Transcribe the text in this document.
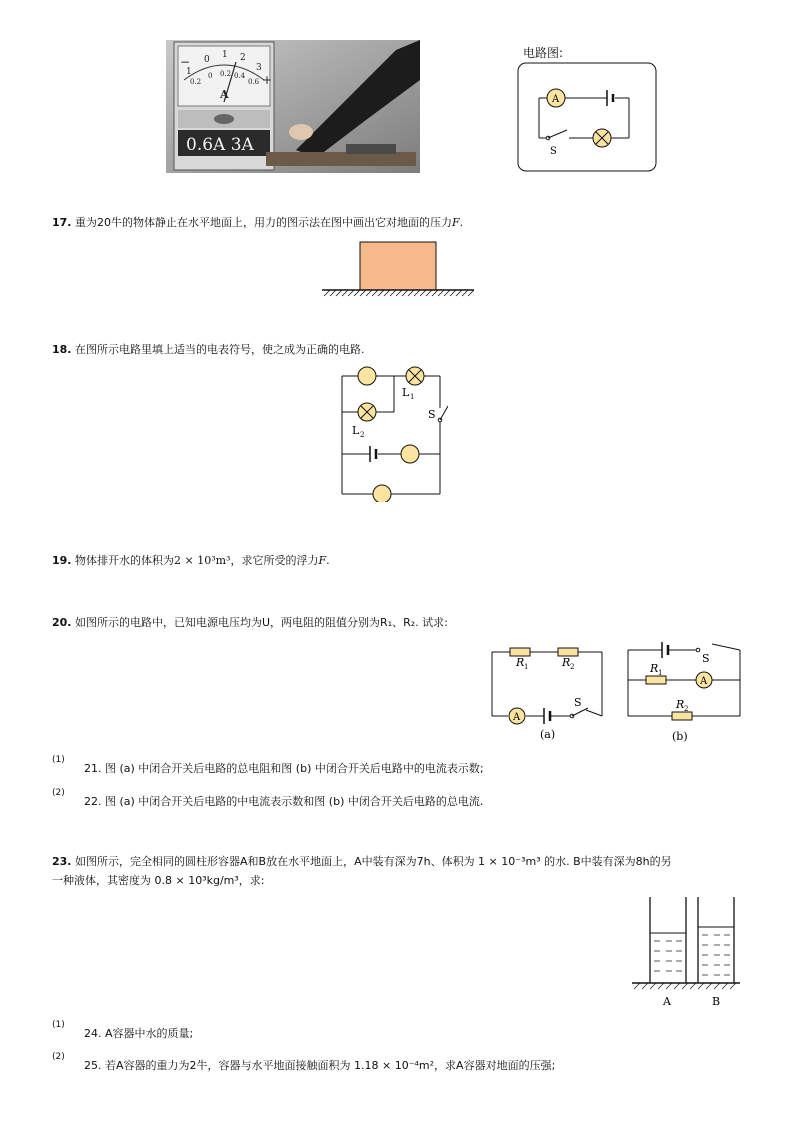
1
0 1 2
3
0.2
0 0.2 0.4
0.6
A
−
+
0.6A 3A
电路图:
A
S
17. 重为20牛的物体静止在水平地面上，用力的图示法在图中画出它对地面的压力F.
18. 在图所示电路里填上适当的电表符号，使之成为正确的电路.
L 1
L 2
S
19. 物体排开水的体积为2 × 10³m³，求它所受的浮力F.
20. 如图所示的电路中，已知电源电压均为U，两电阻的阻值分别为R₁、R₂. 试求:
A
S
R 1	R 2
(a)
S
A
R 1
R 2
(b)
(1)
21. 图 (a) 中闭合开关后电路的总电阻和图 (b) 中闭合开关后电路中的电流表示数;
(2)
22. 图 (a) 中闭合开关后电路的中电流表示数和图 (b) 中闭合开关后电路的总电流.
23. 如图所示，完全相同的圆柱形容器A和B放在水平地面上，A中装有深为7h、体积为 1 × 10⁻³m³ 的水. B中装有深为8h的另
一种液体，其密度为 0.8 × 10³kg/m³，求:
A	B
(1)
24. A容器中水的质量;
(2)
25. 若A容器的重力为2牛，容器与水平地面接触面积为 1.18 × 10⁻⁴m²，求A容器对地面的压强;
